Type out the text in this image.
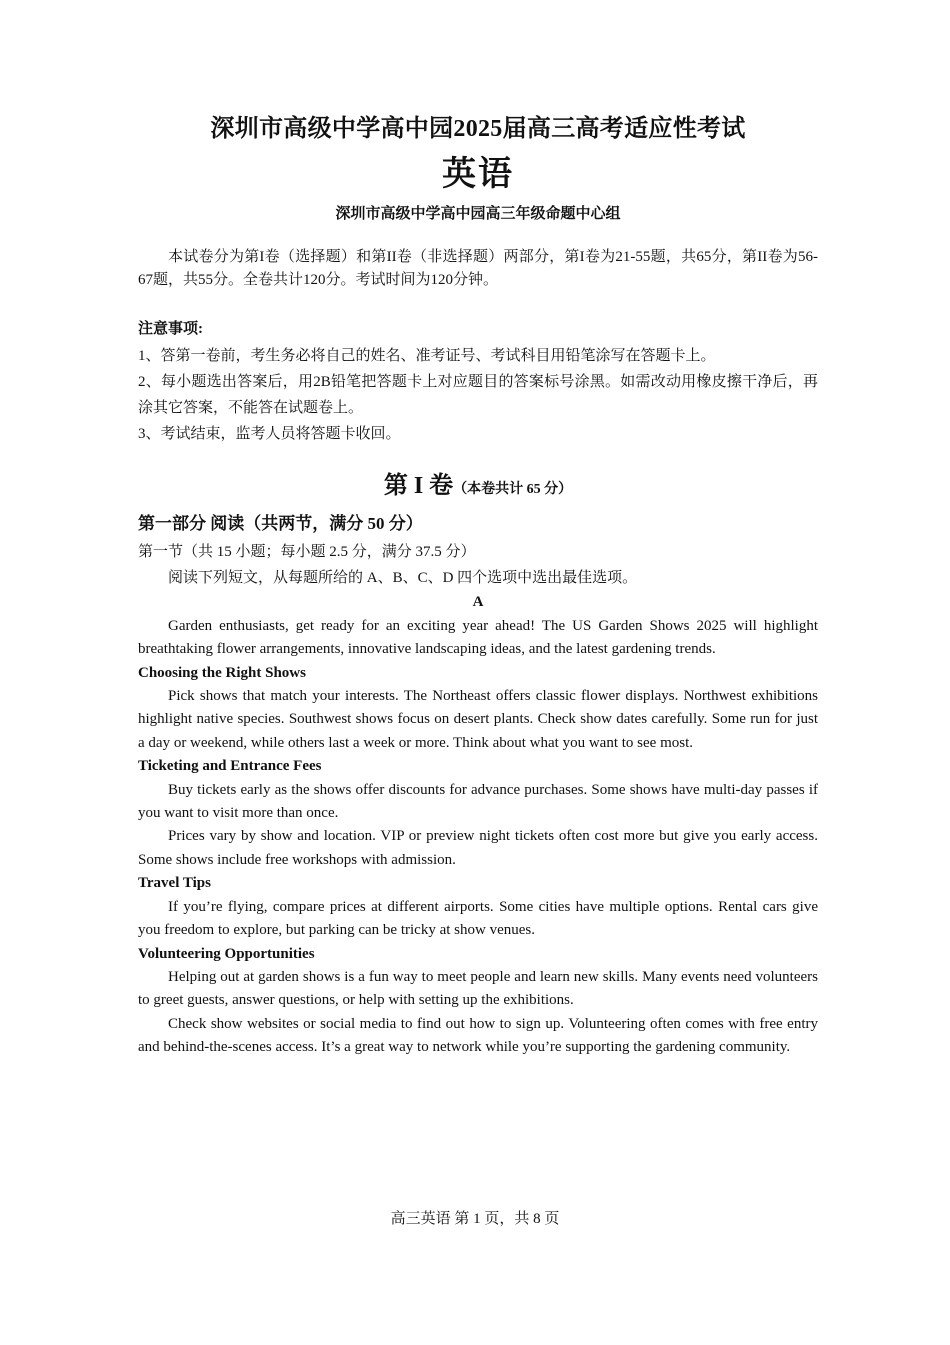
深圳市高级中学高中园2025届高三高考适应性考试
英语
深圳市高级中学高中园高三年级命题中心组

本试卷分为第I卷（选择题）和第II卷（非选择题）两部分，第I卷为21-55题，共65分，第II卷为56-67题，共55分。全卷共计120分。考试时间为120分钟。

注意事项:

1、答第一卷前，考生务必将自己的姓名、准考证号、考试科目用铅笔涂写在答题卡上。

2、每小题选出答案后，用2B铅笔把答题卡上对应题目的答案标号涂黑。如需改动用橡皮擦干净后，再涂其它答案，不能答在试题卷上。

3、考试结束，监考人员将答题卡收回。

第 I 卷（本卷共计 65 分）
第一部分 阅读（共两节，满分 50 分）
第一节（共 15 小题；每小题 2.5 分，满分 37.5 分）
阅读下列短文，从每题所给的 A、B、C、D 四个选项中选出最佳选项。
A

Garden enthusiasts, get ready for an exciting year ahead! The US Garden Shows 2025 will highlight breathtaking flower arrangements, innovative landscaping ideas, and the latest gardening trends.

Choosing the Right Shows

Pick shows that match your interests. The Northeast offers classic flower displays. Northwest exhibitions highlight native species. Southwest shows focus on desert plants. Check show dates carefully. Some run for just a day or weekend, while others last a week or more. Think about what you want to see most.

Ticketing and Entrance Fees

Buy tickets early as the shows offer discounts for advance purchases. Some shows have multi-day passes if you want to visit more than once.

Prices vary by show and location. VIP or preview night tickets often cost more but give you early access. Some shows include free workshops with admission.

Travel Tips

If you’re flying, compare prices at different airports. Some cities have multiple options. Rental cars give you freedom to explore, but parking can be tricky at show venues.

Volunteering Opportunities

Helping out at garden shows is a fun way to meet people and learn new skills. Many events need volunteers to greet guests, answer questions, or help with setting up the exhibitions.

Check show websites or social media to find out how to sign up. Volunteering often comes with free entry and behind-the-scenes access. It’s a great way to network while you’re supporting the gardening community.

高三英语 第 1 页，共 8 页
